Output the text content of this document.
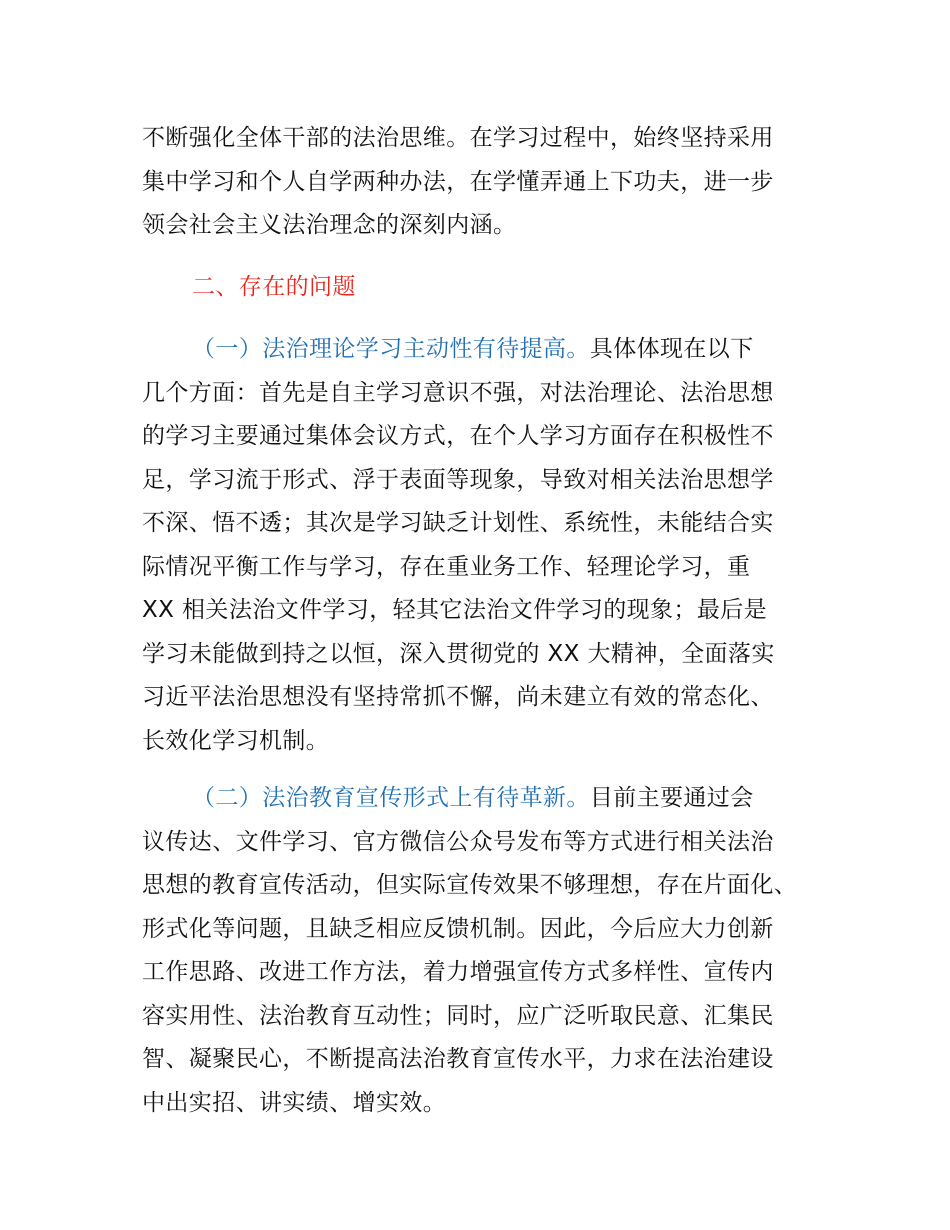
不断强化全体干部的法治思维。在学习过程中，始终坚持采用
集中学习和个人自学两种办法，在学懂弄通上下功夫，进一步
领会社会主义法治理念的深刻内涵。
二、存在的问题
（一）法治理论学习主动性有待提高。具体体现在以下
几个方面：首先是自主学习意识不强，对法治理论、法治思想
的学习主要通过集体会议方式，在个人学习方面存在积极性不
足，学习流于形式、浮于表面等现象，导致对相关法治思想学
不深、悟不透；其次是学习缺乏计划性、系统性，未能结合实
际情况平衡工作与学习，存在重业务工作、轻理论学习，重
XX 相关法治文件学习，轻其它法治文件学习的现象；最后是
学习未能做到持之以恒，深入贯彻党的 XX 大精神，全面落实
习近平法治思想没有坚持常抓不懈，尚未建立有效的常态化、
长效化学习机制。
（二）法治教育宣传形式上有待革新。目前主要通过会
议传达、文件学习、官方微信公众号发布等方式进行相关法治
思想的教育宣传活动，但实际宣传效果不够理想，存在片面化、
形式化等问题，且缺乏相应反馈机制。因此，今后应大力创新
工作思路、改进工作方法，着力增强宣传方式多样性、宣传内
容实用性、法治教育互动性；同时，应广泛听取民意、汇集民
智、凝聚民心，不断提高法治教育宣传水平，力求在法治建设
中出实招、讲实绩、增实效。
